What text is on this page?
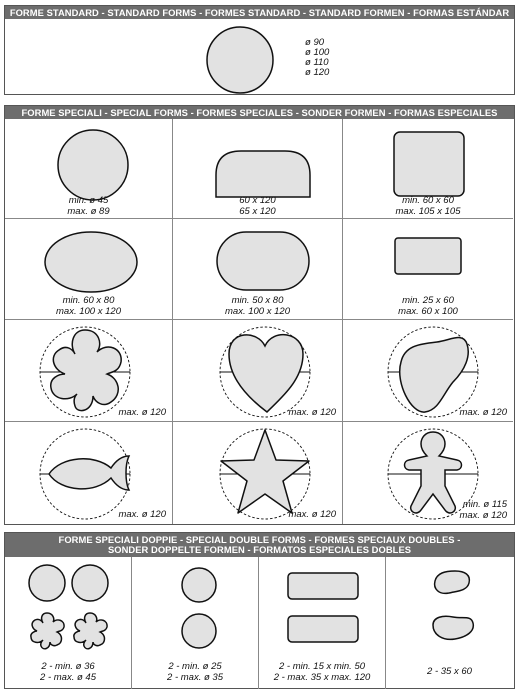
FORME STANDARD - STANDARD FORMS - FORMES STANDARD - STANDARD FORMEN - FORMAS ESTÁNDAR
ø 90
ø 100
ø 110
ø 120
FORME SPECIALI - SPECIAL FORMS - FORMES SPECIALES - SONDER FORMEN - FORMAS ESPECIALES
min. ø 45
max. ø 89
60 x 120
65 x 120
min. 60 x 60
max. 105 x 105
min. 60 x 80
max. 100 x 120
min. 50 x 80
max. 100 x 120
min. 25 x 60
max. 60 x 100
max. ø 120	max. ø 120	max. ø 120
max. ø 120	max. ø 120
min. ø 115
max. ø 120
FORME SPECIALI DOPPIE - SPECIAL DOUBLE FORMS - FORMES SPECIAUX DOUBLES -
SONDER DOPPELTE FORMEN - FORMATOS ESPECIALES DOBLES
2 - min. ø 36
2 - max. ø 45
2 - min. ø 25
2 - max. ø 35
2 - min. 15 x min. 50
2 - max. 35 x max. 120
2 - 35 x 60
